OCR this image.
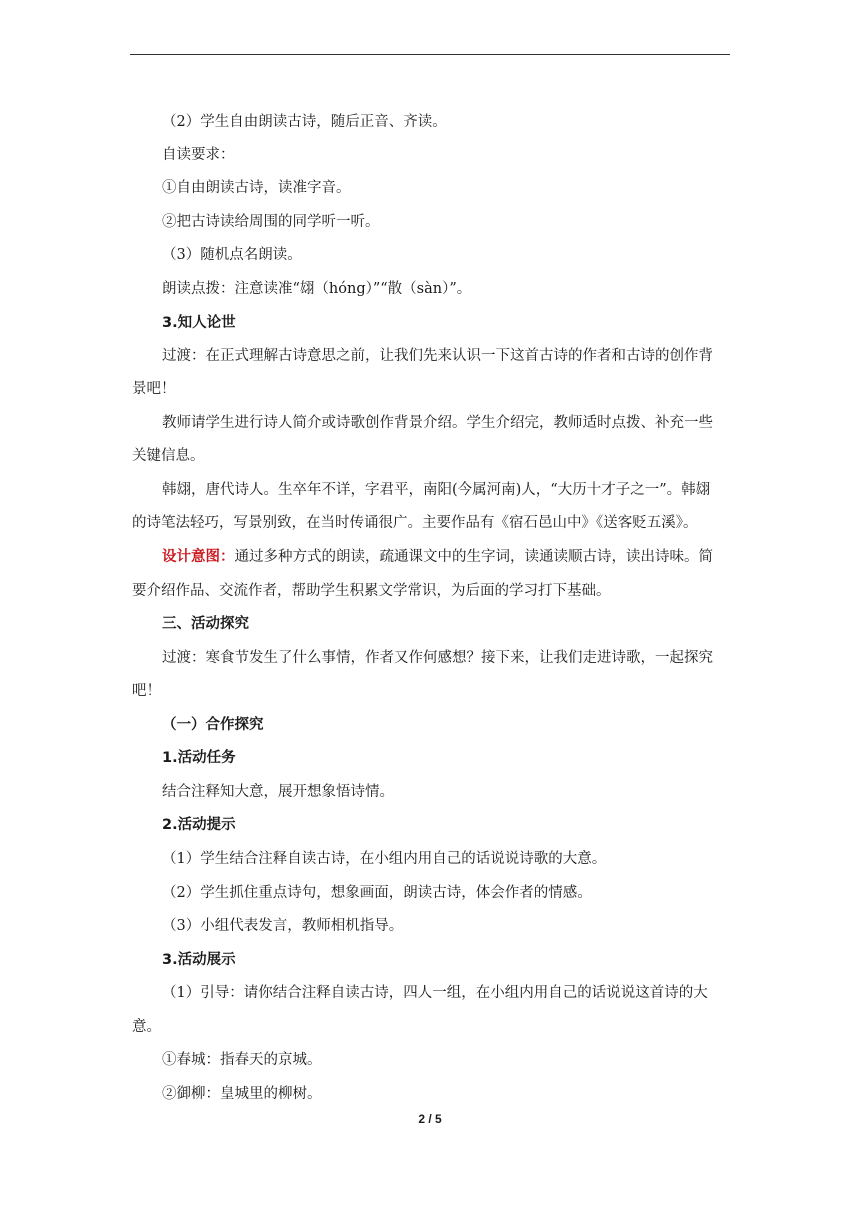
（2）学生自由朗读古诗，随后正音、齐读。
自读要求：
①自由朗读古诗，读准字音。
②把古诗读给周围的同学听一听。
（3）随机点名朗读。
朗读点拨：注意读准“翃（hóng）”“散（sàn）”。
3.知人论世
过渡：在正式理解古诗意思之前，让我们先来认识一下这首古诗的作者和古诗的创作背
景吧！
教师请学生进行诗人简介或诗歌创作背景介绍。学生介绍完，教师适时点拨、补充一些
关键信息。
韩翃，唐代诗人。生卒年不详，字君平，南阳(今属河南)人，“大历十才子之一”。韩翃
的诗笔法轻巧，写景别致，在当时传诵很广。主要作品有《宿石邑山中》《送客贬五溪》。
设计意图：通过多种方式的朗读，疏通课文中的生字词，读通读顺古诗，读出诗味。简
要介绍作品、交流作者，帮助学生积累文学常识，为后面的学习打下基础。
三、活动探究
过渡：寒食节发生了什么事情，作者又作何感想？接下来，让我们走进诗歌，一起探究
吧！
（一）合作探究
1.活动任务
结合注释知大意，展开想象悟诗情。
2.活动提示
（1）学生结合注释自读古诗，在小组内用自己的话说说诗歌的大意。
（2）学生抓住重点诗句，想象画面，朗读古诗，体会作者的情感。
（3）小组代表发言，教师相机指导。
3.活动展示
（1）引导：请你结合注释自读古诗，四人一组，在小组内用自己的话说说这首诗的大
意。
①春城：指春天的京城。
②御柳：皇城里的柳树。
2 / 5
